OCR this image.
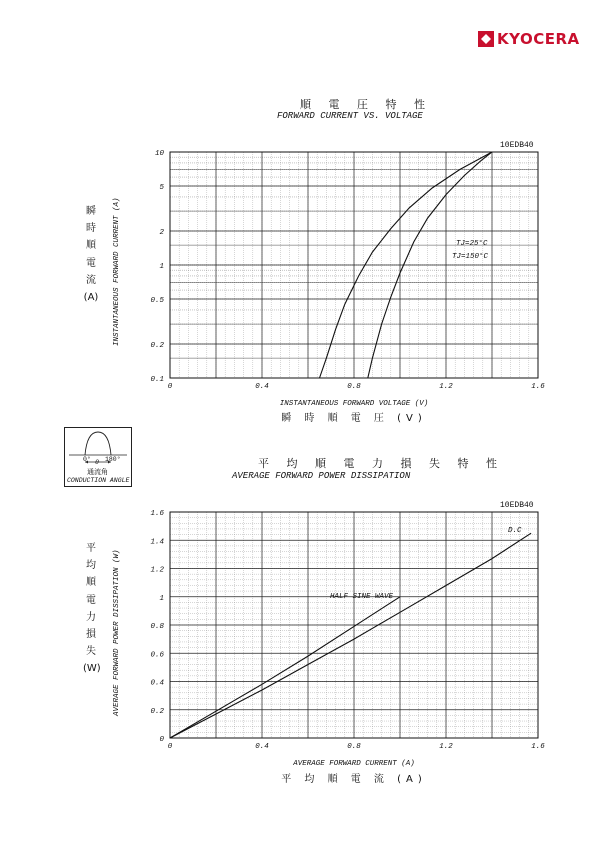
KYOCERA
順 電 圧 特 性
FORWARD CURRENT VS. VOLTAGE
10EDB40
瞬
時
順
電
流
(A) INSTANTANEOUS FORWARD CURRENT (A)
INSTANTANEOUS FORWARD VOLTAGE (V)
瞬 時 順 電 圧 (V)
0° 180°
θ
通流角
CONDUCTION ANGLE
平 均 順 電 力 損 失 特 性
AVERAGE FORWARD POWER DISSIPATION
10EDB40
平
均
順
電
力
損
失
(W) AVERAGE FORWARD POWER DISSIPATION (W)
AVERAGE FORWARD CURRENT (A)
平 均 順 電 流 (A)
0	0.4	0.8	1.2	1.6
10
5
2
1
0.5
0.2
0.1
TJ=25°C
TJ=150°C
0	0.4	0.8	1.2	1.6
1.6
1.4
1.2
1
0.8
0.6
0.4
0.2
0
D.C
HALF SINE WAVE
